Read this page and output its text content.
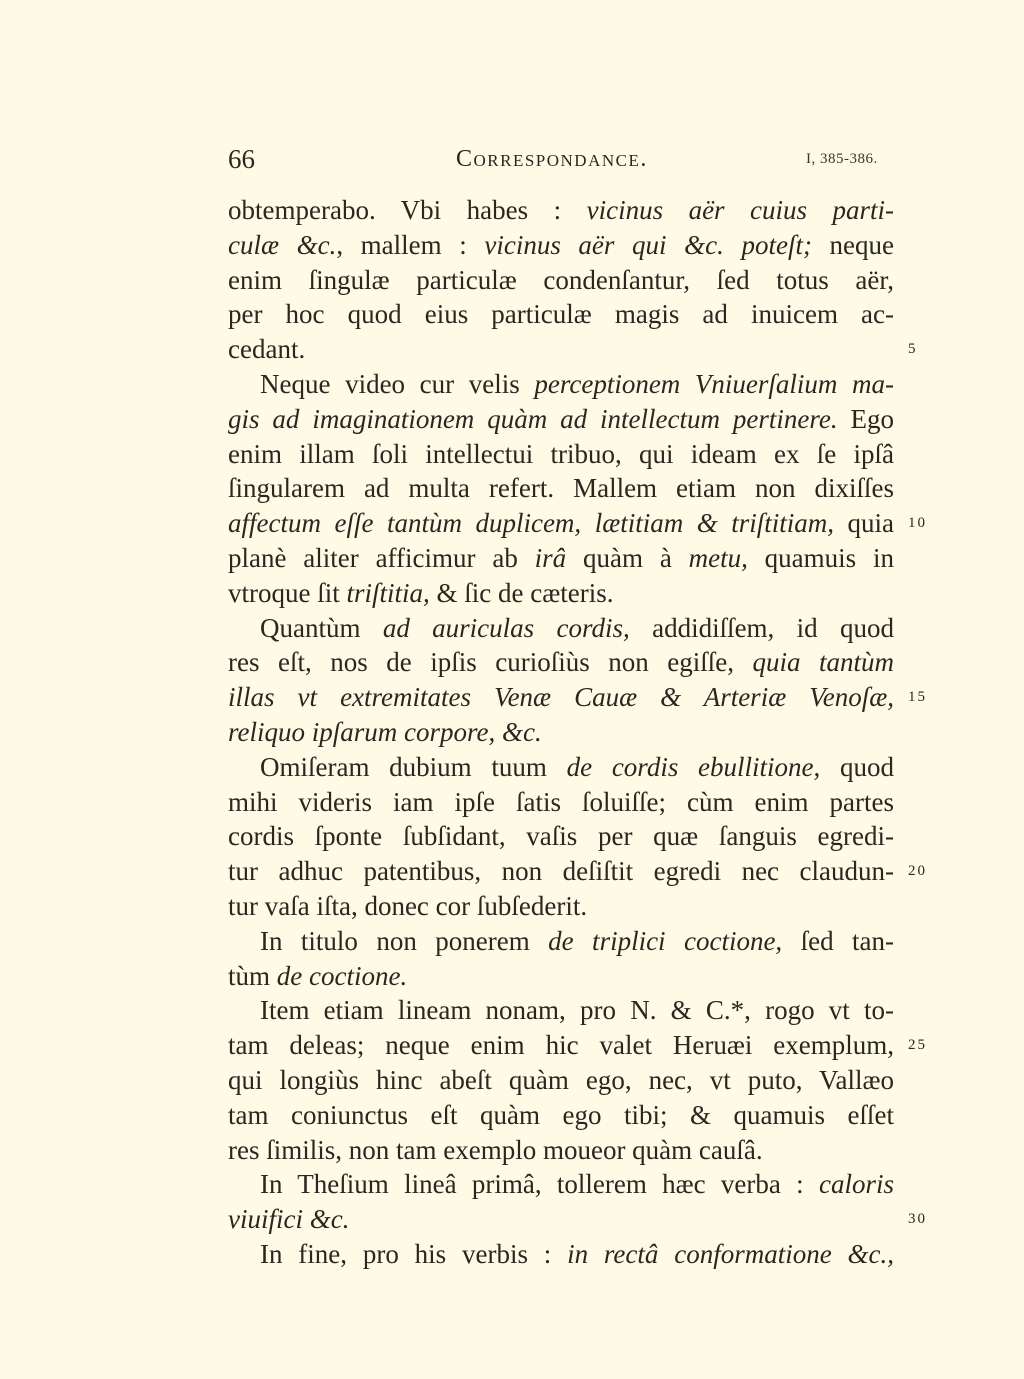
66	Correspondance.	I, 385-386.
obtemperabo. Vbi habes : vicinus aër cuius parti-
culæ &c., mallem : vicinus aër qui &c. poteſt; neque
enim ſingulæ particulæ condenſantur, ſed totus aër,
per hoc quod eius particulæ magis ad inuicem ac-
cedant.	5
Neque video cur velis perceptionem Vniuerſalium ma-
gis ad imaginationem quàm ad intellectum pertinere. Ego
enim illam ſoli intellectui tribuo, qui ideam ex ſe ipſâ
ſingularem ad multa refert. Mallem etiam non dixiſſes
affectum eſſe tantùm duplicem, lætitiam & triſtitiam, quia 10
planè aliter afficimur ab irâ quàm à metu, quamuis in
vtroque ſit triſtitia, & ſic de cæteris.
Quantùm ad auriculas cordis, addidiſſem, id quod
res eſt, nos de ipſis curioſiùs non egiſſe, quia tantùm
illas vt extremitates Venæ Cauæ & Arteriæ Venoſæ, 15
reliquo ipſarum corpore, &c.
Omiſeram dubium tuum de cordis ebullitione, quod
mihi videris iam ipſe ſatis ſoluiſſe; cùm enim partes
cordis ſponte ſubſidant, vaſis per quæ ſanguis egredi-
tur adhuc patentibus, non deſiſtit egredi nec claudun- 20
tur vaſa iſta, donec cor ſubſederit.
In titulo non ponerem de triplici coctione, ſed tan-
tùm de coctione.
Item etiam lineam nonam, pro N. & C.*, rogo vt to-
tam deleas; neque enim hic valet Heruæi exemplum, 25
qui longiùs hinc abeſt quàm ego, nec, vt puto, Vallæo
tam coniunctus eſt quàm ego tibi; & quamuis eſſet
res ſimilis, non tam exemplo moueor quàm cauſâ.
In Theſium lineâ primâ, tollerem hæc verba : caloris
viuifici &c.	30
In fine, pro his verbis : in rectâ conformatione &c.,
